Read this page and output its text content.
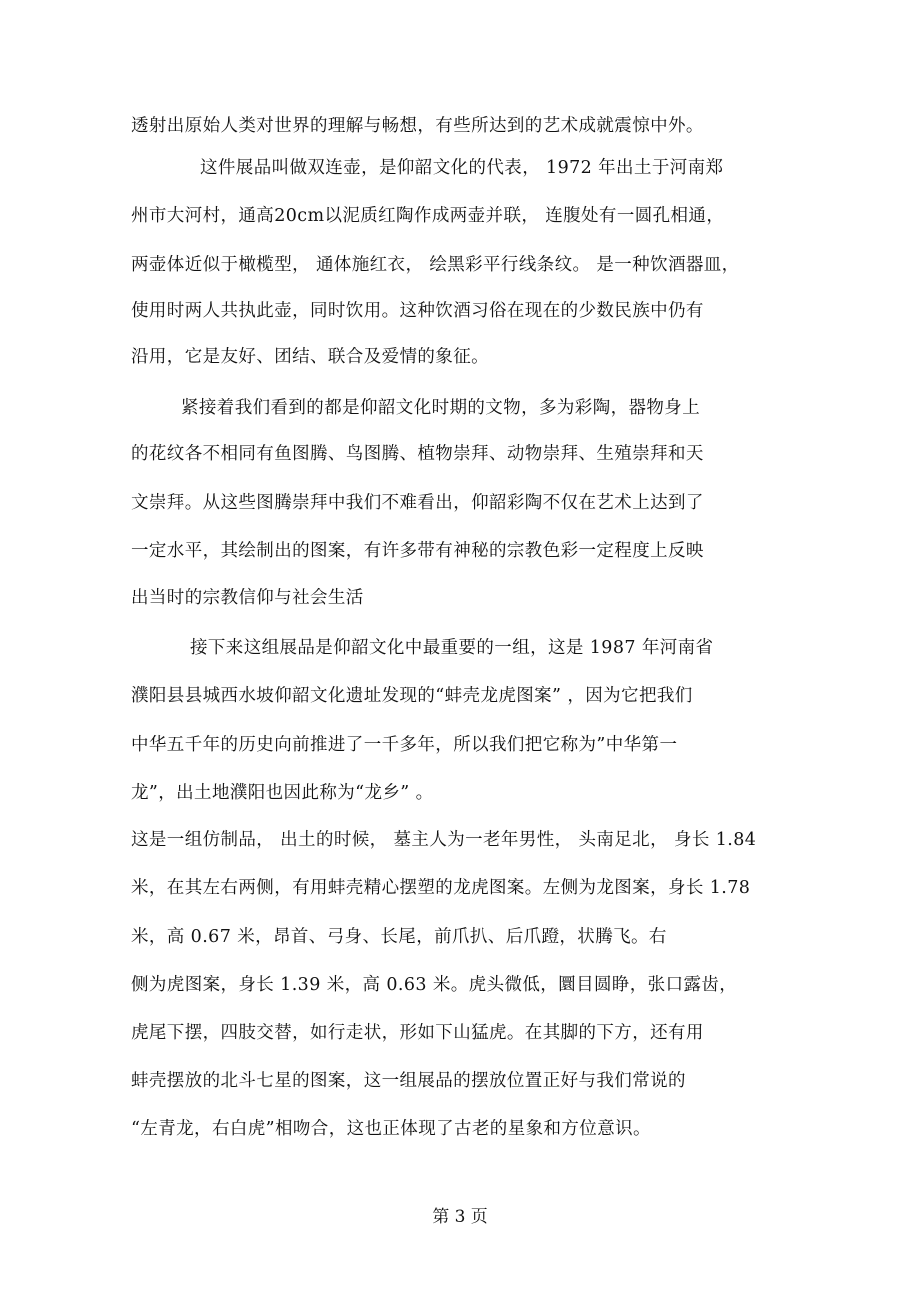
透射出原始人类对世界的理解与畅想，有些所达到的艺术成就震惊中外。
这件展品叫做双连壶，是仰韶文化的代表， 1972 年出土于河南郑
州市大河村，通高20cm以泥质红陶作成两壶并联， 连腹处有一圆孔相通，
两壶体近似于橄榄型， 通体施红衣， 绘黑彩平行线条纹。 是一种饮酒器皿，
使用时两人共执此壶，同时饮用。这种饮酒习俗在现在的少数民族中仍有
沿用，它是友好、团结、联合及爱情的象征。
紧接着我们看到的都是仰韶文化时期的文物，多为彩陶，器物身上
的花纹各不相同有鱼图腾、鸟图腾、植物崇拜、动物崇拜、生殖崇拜和天
文崇拜。从这些图腾崇拜中我们不难看出，仰韶彩陶不仅在艺术上达到了
一定水平，其绘制出的图案，有许多带有神秘的宗教色彩一定程度上反映
出当时的宗教信仰与社会生活
接下来这组展品是仰韶文化中最重要的一组，这是 1987 年河南省
濮阳县县城西水坡仰韶文化遗址发现的“蚌壳龙虎图案” ，因为它把我们
中华五千年的历史向前推进了一千多年，所以我们把它称为”中华第一
龙”，出土地濮阳也因此称为“龙乡” 。
这是一组仿制品， 出土的时候， 墓主人为一老年男性， 头南足北， 身长 1.84
米，在其左右两侧，有用蚌壳精心摆塑的龙虎图案。左侧为龙图案，身长 1.78
米，高 0.67 米，昂首、弓身、长尾，前爪扒、后爪蹬，状腾飞。右
侧为虎图案，身长 1.39 米，高 0.63 米。虎头微低，圜目圆睁，张口露齿，
虎尾下摆，四肢交替，如行走状，形如下山猛虎。在其脚的下方，还有用
蚌壳摆放的北斗七星的图案，这一组展品的摆放位置正好与我们常说的
“左青龙，右白虎”相吻合，这也正体现了古老的星象和方位意识。
第 3 页
